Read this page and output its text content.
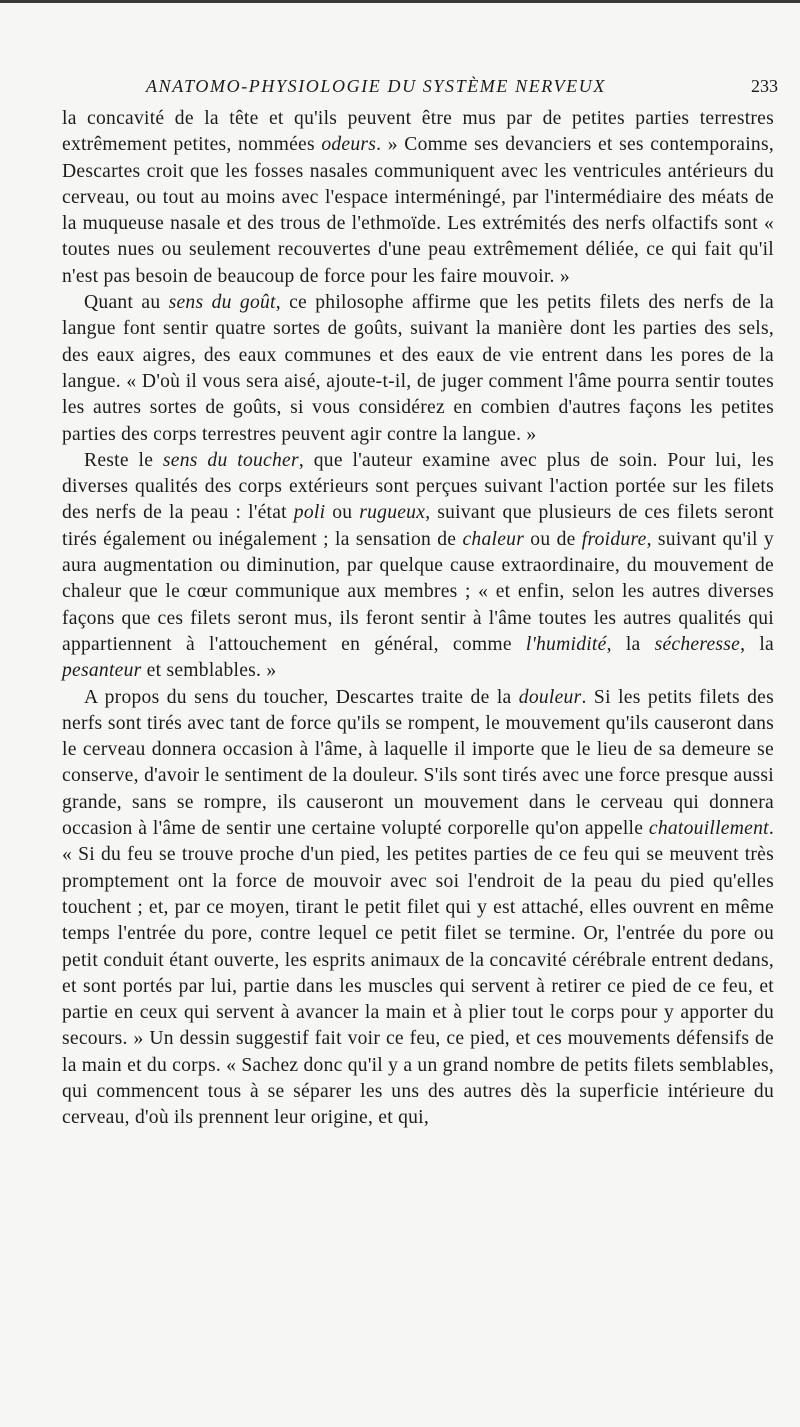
ANATOMO-PHYSIOLOGIE DU SYSTÈME NERVEUX	233

la concavité de la tête et qu'ils peuvent être mus par de petites parties terrestres extrêmement petites, nommées odeurs. » Comme ses devanciers et ses contemporains, Descartes croit que les fosses nasales communiquent avec les ventricules antérieurs du cerveau, ou tout au moins avec l'espace interméningé, par l'intermédiaire des méats de la muqueuse nasale et des trous de l'ethmoïde. Les extrémités des nerfs olfactifs sont « toutes nues ou seulement recouvertes d'une peau extrêmement déliée, ce qui fait qu'il n'est pas besoin de beaucoup de force pour les faire mouvoir. »

Quant au sens du goût, ce philosophe affirme que les petits filets des nerfs de la langue font sentir quatre sortes de goûts, suivant la manière dont les parties des sels, des eaux aigres, des eaux communes et des eaux de vie entrent dans les pores de la langue. « D'où il vous sera aisé, ajoute-t-il, de juger comment l'âme pourra sentir toutes les autres sortes de goûts, si vous considérez en combien d'autres façons les petites parties des corps terrestres peuvent agir contre la langue. »

Reste le sens du toucher, que l'auteur examine avec plus de soin. Pour lui, les diverses qualités des corps extérieurs sont perçues suivant l'action portée sur les filets des nerfs de la peau : l'état poli ou rugueux, suivant que plusieurs de ces filets seront tirés également ou inégalement ; la sensation de chaleur ou de froidure, suivant qu'il y aura augmentation ou diminution, par quelque cause extraordinaire, du mouvement de chaleur que le cœur communique aux membres ; « et enfin, selon les autres diverses façons que ces filets seront mus, ils feront sentir à l'âme toutes les autres qualités qui appartiennent à l'attouchement en général, comme l'humidité, la sécheresse, la pesanteur et semblables. »

A propos du sens du toucher, Descartes traite de la douleur. Si les petits filets des nerfs sont tirés avec tant de force qu'ils se rompent, le mouvement qu'ils causeront dans le cerveau donnera occasion à l'âme, à laquelle il importe que le lieu de sa demeure se conserve, d'avoir le sentiment de la douleur. S'ils sont tirés avec une force presque aussi grande, sans se rompre, ils causeront un mouvement dans le cerveau qui donnera occasion à l'âme de sentir une certaine volupté corporelle qu'on appelle chatouillement. « Si du feu se trouve proche d'un pied, les petites parties de ce feu qui se meuvent très promptement ont la force de mouvoir avec soi l'endroit de la peau du pied qu'elles touchent ; et, par ce moyen, tirant le petit filet qui y est attaché, elles ouvrent en même temps l'entrée du pore, contre lequel ce petit filet se termine. Or, l'entrée du pore ou petit conduit étant ouverte, les esprits animaux de la concavité cérébrale entrent dedans, et sont portés par lui, partie dans les muscles qui servent à retirer ce pied de ce feu, et partie en ceux qui servent à avancer la main et à plier tout le corps pour y apporter du secours. » Un dessin suggestif fait voir ce feu, ce pied, et ces mouvements défensifs de la main et du corps. « Sachez donc qu'il y a un grand nombre de petits filets semblables, qui commencent tous à se séparer les uns des autres dès la superficie intérieure du cerveau, d'où ils prennent leur origine, et qui,
